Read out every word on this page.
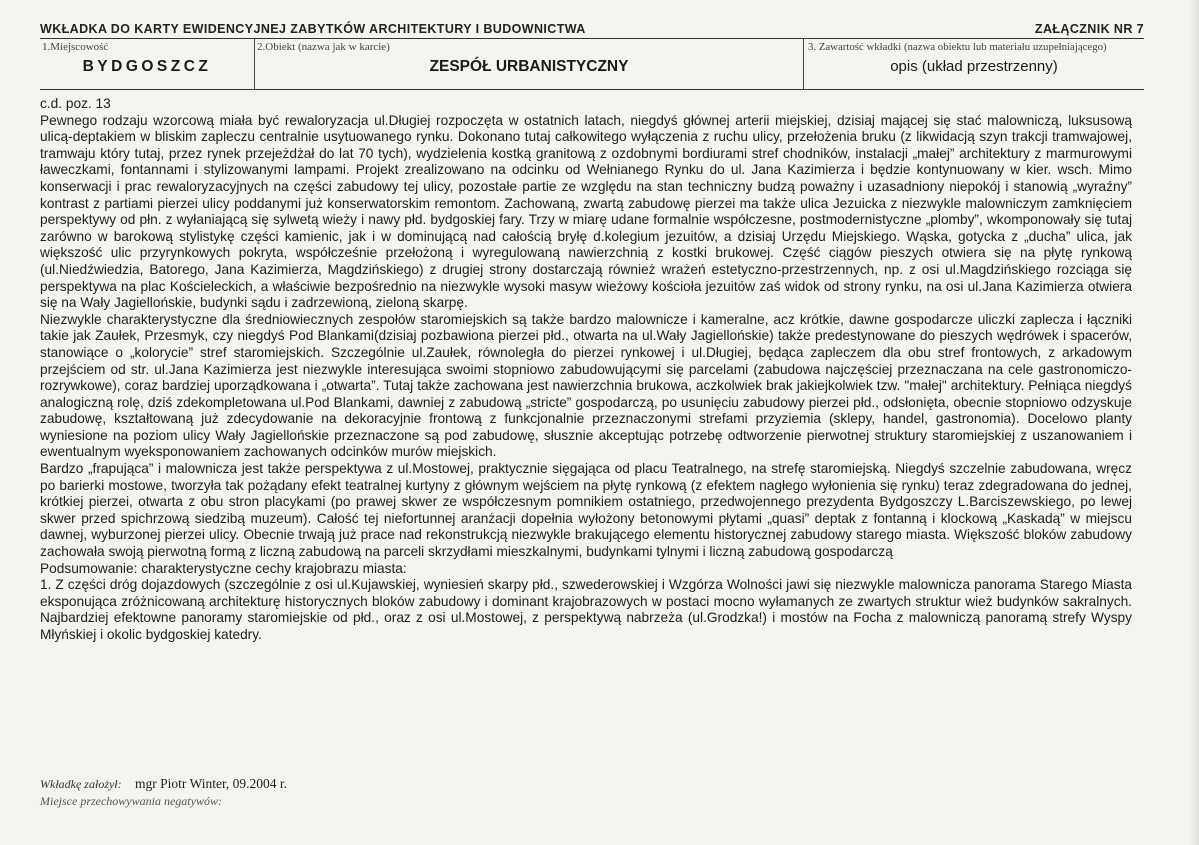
WKŁADKA DO KARTY EWIDENCYJNEJ ZABYTKÓW ARCHITEKTURY I BUDOWNICTWA	ZAŁĄCZNIK NR 7
1.Miejscowość
BYDGOSZCZ
2.Obiekt (nazwa jak w karcie)
ZESPÓŁ URBANISTYCZNY
3. Zawartość wkładki (nazwa obiektu lub materiału uzupełniającego)
opis (układ przestrzenny)

c.d. poz. 13

Pewnego rodzaju wzorcową miała być rewaloryzacja ul.Długiej rozpoczęta w ostatnich latach, niegdyś głównej arterii miejskiej, dzisiaj mającej się stać malowniczą, luksusową ulicą-deptakiem w bliskim zapleczu centralnie usytuowanego rynku. Dokonano tutaj całkowitego wyłączenia z ruchu ulicy, przełożenia bruku (z likwidacją szyn trakcji tramwajowej, tramwaju który tutaj, przez rynek przejeżdżał do lat 70 tych), wydzielenia kostką granitową z ozdobnymi bordiurami stref chodników, instalacji „małej” architektury z marmurowymi ławeczkami, fontannami i stylizowanymi lampami. Projekt zrealizowano na odcinku od Wełnianego Rynku do ul. Jana Kazimierza i będzie kontynuowany w kier. wsch. Mimo konserwacji i prac rewaloryzacyjnych na części zabudowy tej ulicy, pozostałe partie ze względu na stan techniczny budzą poważny i uzasadniony niepokój i stanowią „wyraźny” kontrast z partiami pierzei ulicy poddanymi już konserwatorskim remontom. Zachowaną, zwartą zabudowę pierzei ma także ulica Jezuicka z niezwykle malowniczym zamknięciem perspektywy od płn. z wyłaniającą się sylwetą wieży i nawy płd. bydgoskiej fary. Trzy w miarę udane formalnie współczesne, postmodernistyczne „plomby”, wkomponowały się tutaj zarówno w barokową stylistykę części kamienic, jak i w dominującą nad całością bryłę d.kolegium jezuitów, a dzisiaj Urzędu Miejskiego. Wąska, gotycka z „ducha” ulica, jak większość ulic przyrynkowych pokryta, współcześnie przełożoną i wyregulowaną nawierzchnią z kostki brukowej. Część ciągów pieszych otwiera się na płytę rynkową (ul.Niedźwiedzia, Batorego, Jana Kazimierza, Magdzińskiego) z drugiej strony dostarczają również wrażeń estetyczno-przestrzennych, np. z osi ul.Magdzińskiego rozciąga się perspektywa na plac Kościeleckich, a właściwie bezpośrednio na niezwykle wysoki masyw wieżowy kościoła jezuitów zaś widok od strony rynku, na osi ul.Jana Kazimierza otwiera się na Wały Jagiellońskie, budynki sądu i zadrzewioną, zieloną skarpę.

Niezwykle charakterystyczne dla średniowiecznych zespołów staromiejskich są także bardzo malownicze i kameralne, acz krótkie, dawne gospodarcze uliczki zaplecza i łączniki takie jak Zaułek, Przesmyk, czy niegdyś Pod Blankami(dzisiaj pozbawiona pierzei płd., otwarta na ul.Wały Jagiellońskie) także predestynowane do pieszych wędrówek i spacerów, stanowiące o „kolorycie” stref staromiejskich. Szczególnie ul.Zaułek, równoległa do pierzei rynkowej i ul.Długiej, będąca zapleczem dla obu stref frontowych, z arkadowym przejściem od str. ul.Jana Kazimierza jest niezwykle interesująca swoimi stopniowo zabudowującymi się parcelami (zabudowa najczęściej przeznaczana na cele gastronomiczo-rozrywkowe), coraz bardziej uporządkowana i „otwarta”. Tutaj także zachowana jest nawierzchnia brukowa, aczkolwiek brak jakiejkolwiek tzw. "małej" architektury. Pełniąca niegdyś analogiczną rolę, dziś zdekompletowana ul.Pod Blankami, dawniej z zabudową „stricte” gospodarczą, po usunięciu zabudowy pierzei płd., odsłonięta, obecnie stopniowo odzyskuje zabudowę, kształtowaną już zdecydowanie na dekoracyjnie frontową z funkcjonalnie przeznaczonymi strefami przyziemia (sklepy, handel, gastronomia). Docelowo planty wyniesione na poziom ulicy Wały Jagiellońskie przeznaczone są pod zabudowę, słusznie akceptując potrzebę odtworzenie pierwotnej struktury staromiejskiej z uszanowaniem i ewentualnym wyeksponowaniem zachowanych odcinków murów miejskich.

Bardzo „frapująca” i malownicza jest także perspektywa z ul.Mostowej, praktycznie sięgająca od placu Teatralnego, na strefę staromiejską. Niegdyś szczelnie zabudowana, wręcz po barierki mostowe, tworzyła tak pożądany efekt teatralnej kurtyny z głównym wejściem na płytę rynkową (z efektem nagłego wyłonienia się rynku) teraz zdegradowana do jednej, krótkiej pierzei, otwarta z obu stron placykami (po prawej skwer ze współczesnym pomnikiem ostatniego, przedwojennego prezydenta Bydgoszczy L.Barciszewskiego, po lewej skwer przed spichrzową siedzibą muzeum). Całość tej niefortunnej aranżacji dopełnia wyłożony betonowymi płytami „quasi” deptak z fontanną i klockową „Kaskadą” w miejscu dawnej, wyburzonej pierzei ulicy. Obecnie trwają już prace nad rekonstrukcją niezwykle brakującego elementu historycznej zabudowy starego miasta. Większość bloków zabudowy zachowała swoją pierwotną formą z liczną zabudową na parceli skrzydłami mieszkalnymi, budynkami tylnymi i liczną zabudową gospodarczą

Podsumowanie: charakterystyczne cechy krajobrazu miasta:

1. Z części dróg dojazdowych (szczególnie z osi ul.Kujawskiej, wyniesień skarpy płd., szwederowskiej i Wzgórza Wolności jawi się niezwykle malownicza panorama Starego Miasta eksponująca zróżnicowaną architekturę historycznych bloków zabudowy i dominant krajobrazowych w postaci mocno wyłamanych ze zwartych struktur wież budynków sakralnych. Najbardziej efektowne panoramy staromiejskie od płd., oraz z osi ul.Mostowej, z perspektywą nabrzeża (ul.Grodzka!) i mostów na Focha z malowniczą panoramą strefy Wyspy Młyńskiej i okolic bydgoskiej katedry.

Wkładkę założył: mgr Piotr Winter, 09.2004 r.
Miejsce przechowywania negatywów:
